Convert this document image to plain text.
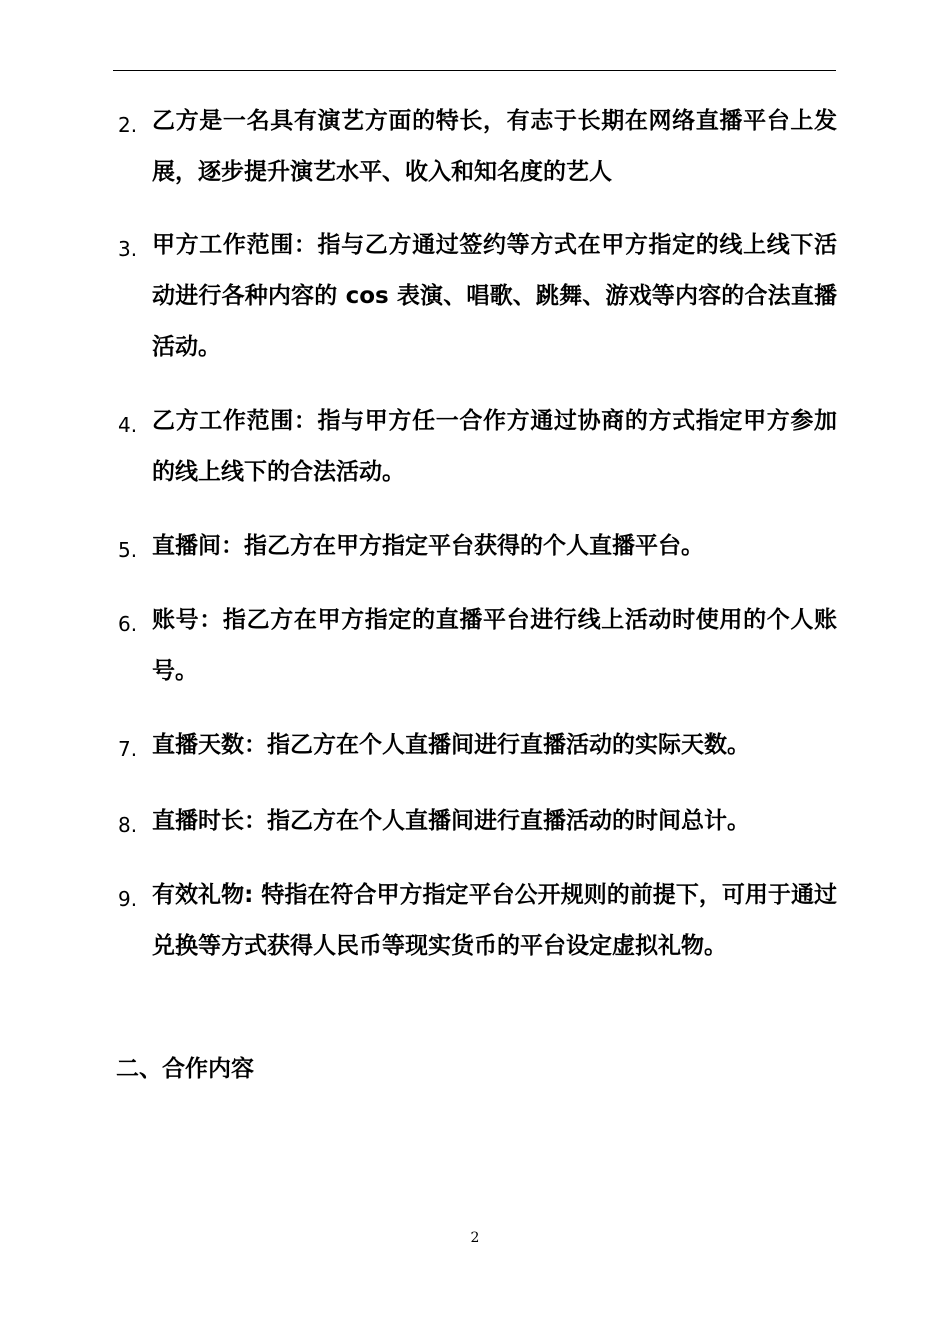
2. 乙方是一名具有演艺方面的特长，有志于长期在网络直播平台上发展，逐步提升演艺水平、收入和知名度的艺人
3. 甲方工作范围：指与乙方通过签约等方式在甲方指定的线上线下活动进行各种内容的 cos 表演、唱歌、跳舞、游戏等内容的合法直播活动。
4. 乙方工作范围：指与甲方任一合作方通过协商的方式指定甲方参加的线上线下的合法活动。
5. 直播间：指乙方在甲方指定平台获得的个人直播平台。
6. 账号：指乙方在甲方指定的直播平台进行线上活动时使用的个人账号。
7. 直播天数：指乙方在个人直播间进行直播活动的实际天数。
8. 直播时长：指乙方在个人直播间进行直播活动的时间总计。
9. 有效礼物: 特指在符合甲方指定平台公开规则的前提下，可用于通过兑换等方式获得人民币等现实货币的平台设定虚拟礼物。
二、合作内容
2
